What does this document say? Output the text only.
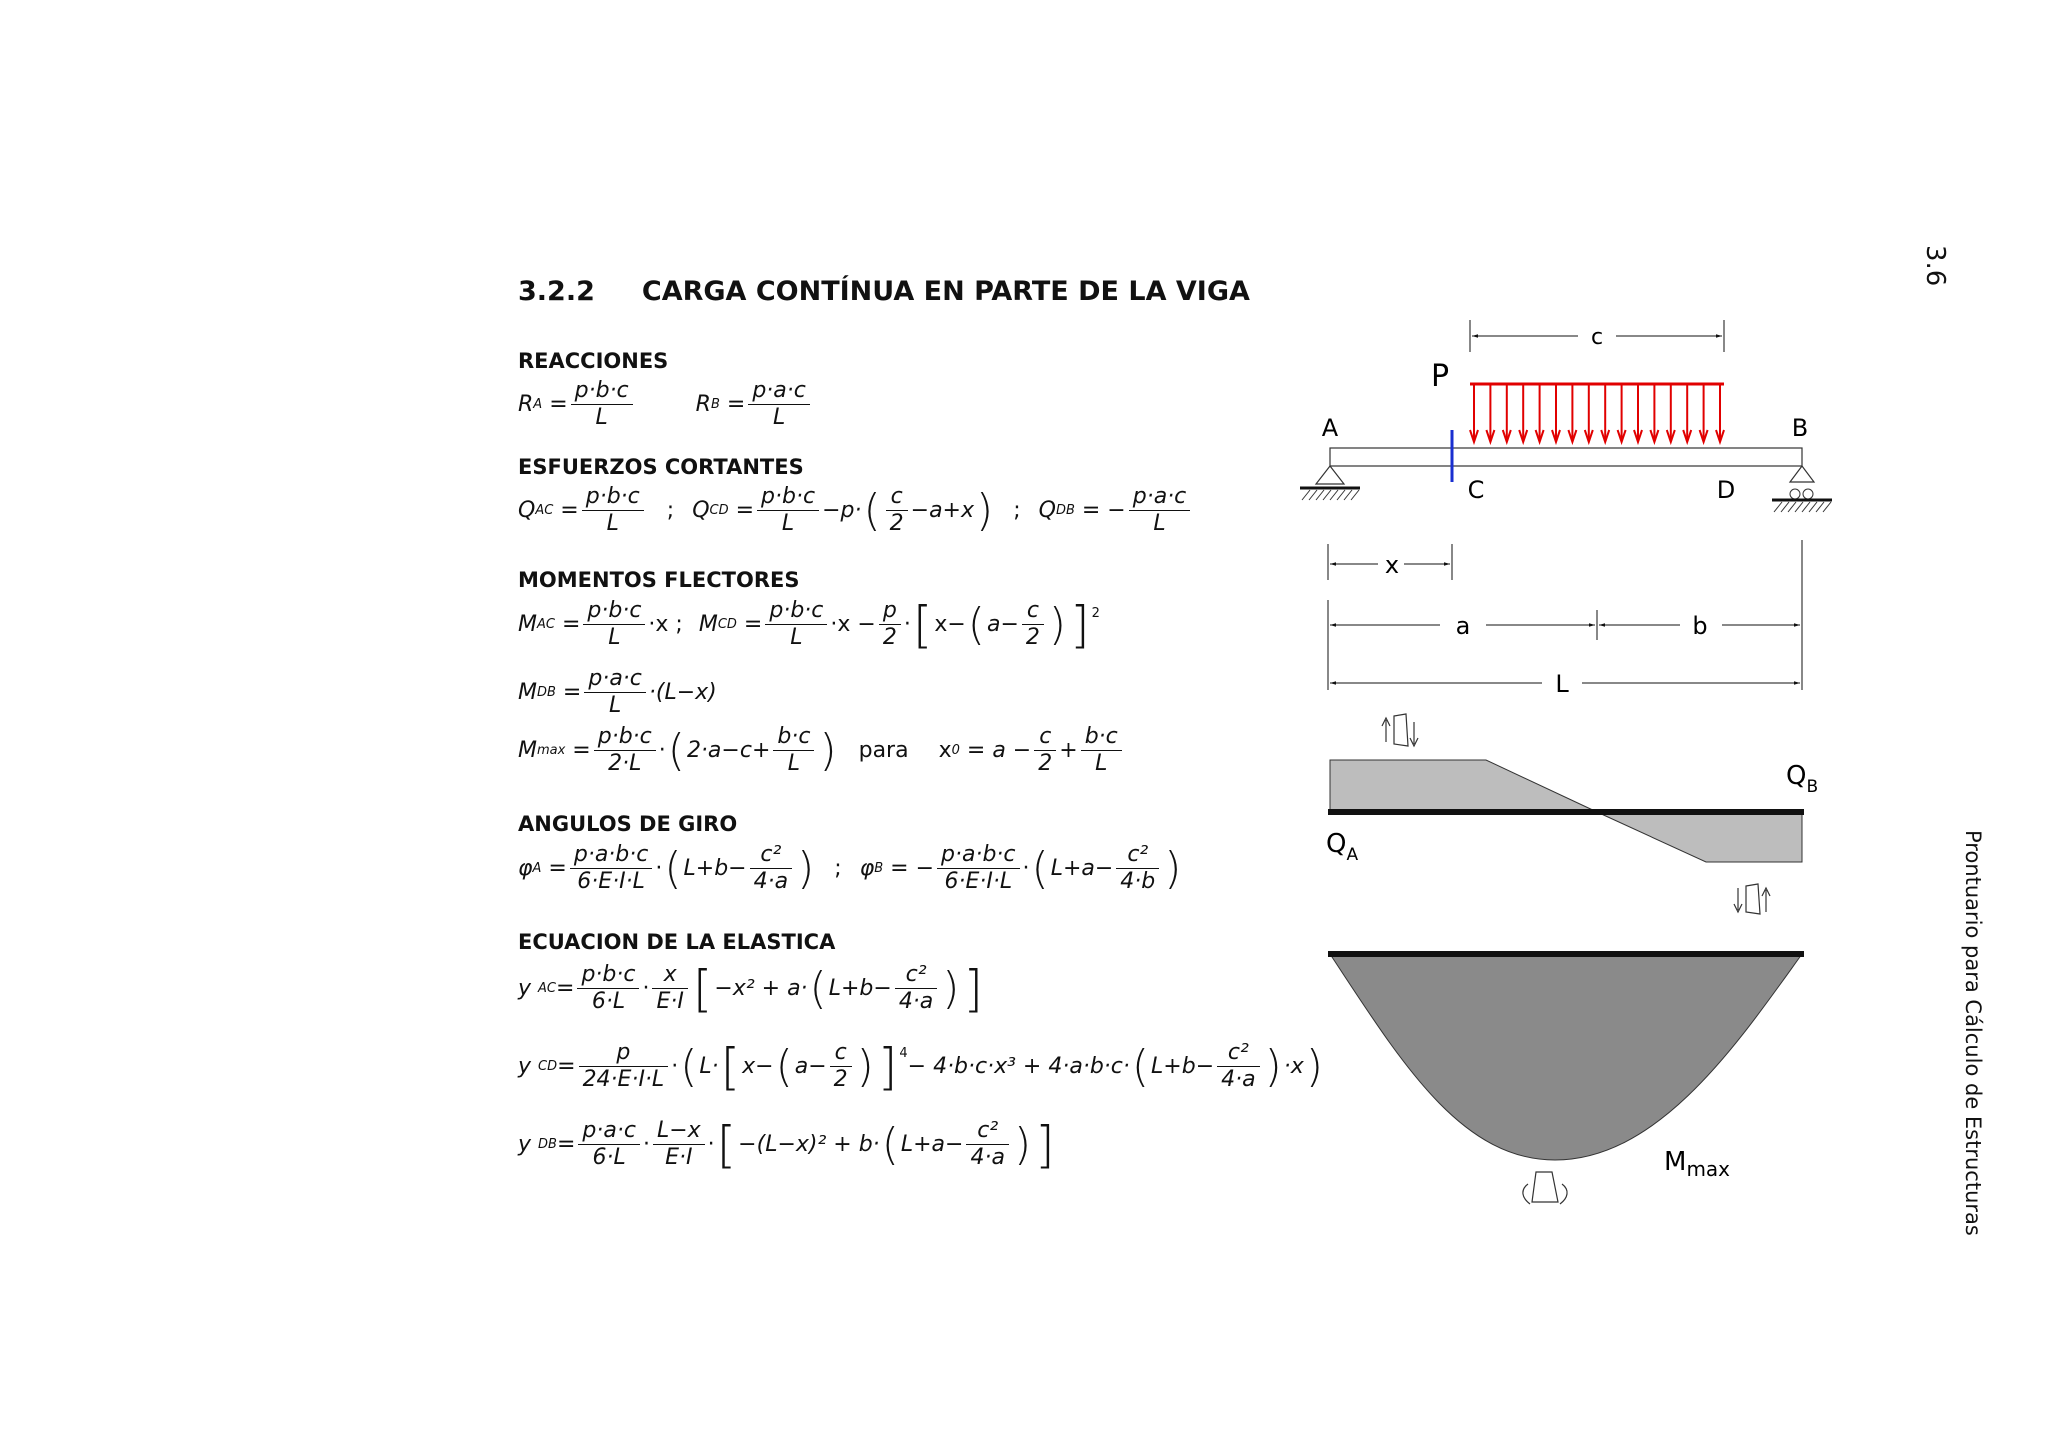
3.6
Prontuario para Cálculo de Estructuras
3.2.2     CARGA CONTÍNUA EN PARTE DE LA VIGA
REACCIONES
ESFUERZOS CORTANTES
MOMENTOS FLECTORES
ANGULOS DE GIRO
ECUACION DE LA ELASTICA
R $A = \frac{p\cdot b\cdot c}{L}$	R $B = \frac{p\cdot a\cdot c}{L}$
Q AC = $\frac{p\cdot b\cdot c}{L}$ ; Q CD = $\frac{p\cdot b\cdot c}{L} -p\cdot$ ( $\frac{c}{2} -a+x$ ) ; Q DB
= − $\frac{p\cdot a\cdot c}{L}$
M AC = $\frac{p\cdot b\cdot c}{L} \cdot x$ ; M CD = $\frac{p\cdot b\cdot c}{L} \cdot x - \frac{p}{2}$ · [ x− ( $a- \frac{c}{2}$ ) ]$^2$
M DB = $\frac{p\cdot a\cdot c}{L} \cdot(L-x)$
M $\max = \frac{p\cdot b\cdot c}{2\cdot L}$ · ( $2\cdot a-c+ \frac{b\cdot c}{L}$ ) para x 0
= $a - \frac{c}{2} + \frac{b\cdot c}{L}$
φ $A = \frac{p\cdot a\cdot b\cdot c}{6\cdot E\cdot I\cdot L}$ · ( $L+b- \frac{\text{c²}}{4\cdot a}$ ) ; φ B
= − $\frac{p\cdot a\cdot b\cdot c}{6\cdot E\cdot I\cdot L}$ · ( $L+a- \frac{\text{c²}}{4\cdot b}$ )
y
AC = $\frac{p\cdot b\cdot c}{6\cdot L} \cdot \frac{x}{E\cdot I}$ [ −x² + a· ( $L+b- \frac{\text{c²}}{4\cdot a}$ ) ]
y
CD = $\frac{p}{24\cdot E\cdot I\cdot L}$ · ( L· [ x− ( $a- \frac{c}{2}$ ) ]$^4$
− 4·b·c·x³ + 4·a·b·c· ( $L+b- \frac{\text{c²}}{4\cdot a}$ ) ·x )
y
DB = $\frac{p\cdot a\cdot c}{6\cdot L} \cdot \frac{L-x}{E\cdot I}$ · [ −(L−x)² + b· ( $L+a- \frac{\text{c²}}{4\cdot a}$ ) ]
c
P
A	B
C	D
x
a	b
L
$Q_B$
$Q_A$
$M_{max}$
